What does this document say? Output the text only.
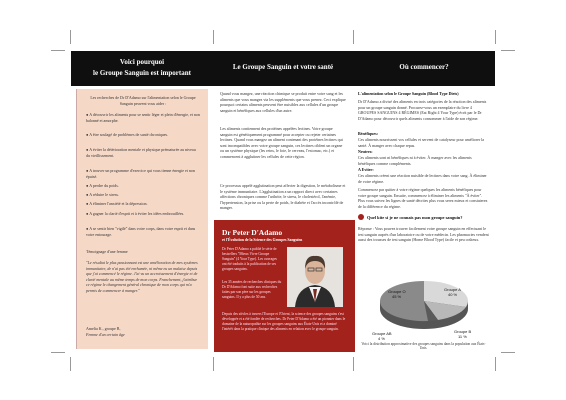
Voici pourquoi
le Groupe Sanguin est important
Le Groupe Sanguin et votre santé	Où commencer?
Les recherches de Dr D'Adamo sur l'alimentation selon le Groupe Sanguin peuvent vous aider :
● A découvrir les aliments pour se sentir léger et plein d'énergie, et non balonné et amorphe.
● A être soulagé de problèmes de santé chroniques.
● A éviter la détérioration mentale et physique prématurée au niveau du vieillissement.
● A trouver un programme d'exercice qui vous tienne énergie et non épuisé.
● A perdre du poids.
● A réduire le stress.
● A éliminer l'anxiété et la dépression.
● A gagner la clarté d'esprit et à éviter les idées embrouillées.
● A se sentir bien "vigilé" dans votre corps, dans votre esprit et dans votre entourage.
Témoignage d'une femme
"Le résultat le plus passionnant est une amélioration de mes systèmes immunitaire, de n'ai pas été enrhumée, ni même eu un malaise depuis que j'ai commencé le régime. J'ai vu un accroissement d'énergie et de clarté mentale au même temps de mon corps. Franchement, j'attribue ce régime le changement général chronique de mon corps qui m'a permis de commencer à manger."
Amelia K., groupe B,
Femme d'un certain âge
Quand vous mangez, une réaction chimique se produit entre votre sang et les aliments que vous mangez via les suppléments que vous prenez. Ceci explique pourquoi certains aliments peuvent être nuisibles aux cellules d'un groupe sanguin et bénéfiques aux cellules d'un autre.
Les aliments contiennent des protéines appelées lectines. Votre groupe sanguin est génétiquement programmé pour accepter ou rejeter certaines lectines. Quand vous mangez un aliment contenant des protéines lectines qui sont incompatibles avec votre groupe sanguin, ces lectines ciblent un organe ou un système physique (les reins, le foie, le cerveau, l'estomac, etc.) et commencent à agglutiner les cellules de cette région.
Ce processus appelé agglutination peut affecter la digestion, le métabolisme et le système immunitaire. L'agglutination a un rapport direct avec certaines affections chroniques comme l'arthrite, le stress, le cholestérol, l'anémie, l'hypertension, la prise ou la perte de poids, le diabète et l'accès incontrôlé de manger.
Dr Peter D'Adamo
et l'Évolution de la Science des Groupes Sanguins
Dr Peter D'Adamo a publié le série de bestsellers "Mieux Vivre Groupe Sanguin" (4 Your Type). Les ouvrages ont été traduits à la publication de ses groupes sanguins.
Les 35 années de recherches cliniques du Dr D'Adamo font suite aux recherches faites par son père sur les groupes sanguins. Il y a plus de 50 ans.
Depuis des siècles à travers l'Europe et l'Orient, la science des groupes sanguins s'est développée et a été fondée de recherches. Dr Peter D'Adamo a été un pionnier dans le domaine de la naturopathie sur les groupes sanguins aux États-Unis et a dominé l'intérêt dans la pratique clinique des aliments en relation avec le groupe sanguin.
L'alimentation selon le Groupe Sanguin (Blood Type Diets)
Dr D'Adamo a divisé des aliments en trois catégories de la réaction des aliments pour un groupe sanguin donné. Procurez-vous un exemplaire du livre 4 GROUPES SANGUINS 4 RÉGIMES (Eat Right 4 Your Type) écrit par le Dr D'Adamo pour découvrir quels aliments consommer à l'aide de son régime.
Bénéfiques:
Ces aliments nourrissent vos cellules et servent de catalyseur pour améliorer la santé. À manger avec chaque repas.
Neutres:
Ces aliments sont ni bénéfiques ni à éviter. À manger avec les aliments bénéfiques comme compléments.
A Eviter:
Ces aliments créent une réaction nuisible de lectines dans votre sang. À éliminer de votre régime.
Commencez par quitter à votre régime quelques les aliments bénéfiques pour votre groupe sanguin. Ensuite, commencez à éliminer les aliments "À éviter". Plus vous suivez les lignes de santé décrites plus vous serez mieux et constaterez de la différence du régime.
Quel kite si je ne connais pas mon groupe sanguin?
Réponse : Vous pouvez trouver facilement votre groupe sanguin en effectuant le test sanguin auprès d'un laboratoire ou de votre médecin. Les pharmacies vendent aussi des trousses de test sanguin (Home Blood Type) facile et peu coûteux.
Groupe O
45 %
Groupe A
40 %
Groupe B
11 %
Groupe AB
4 %
Voici la distribution approximative des groupes sanguins dans la population aux États-Unis.
